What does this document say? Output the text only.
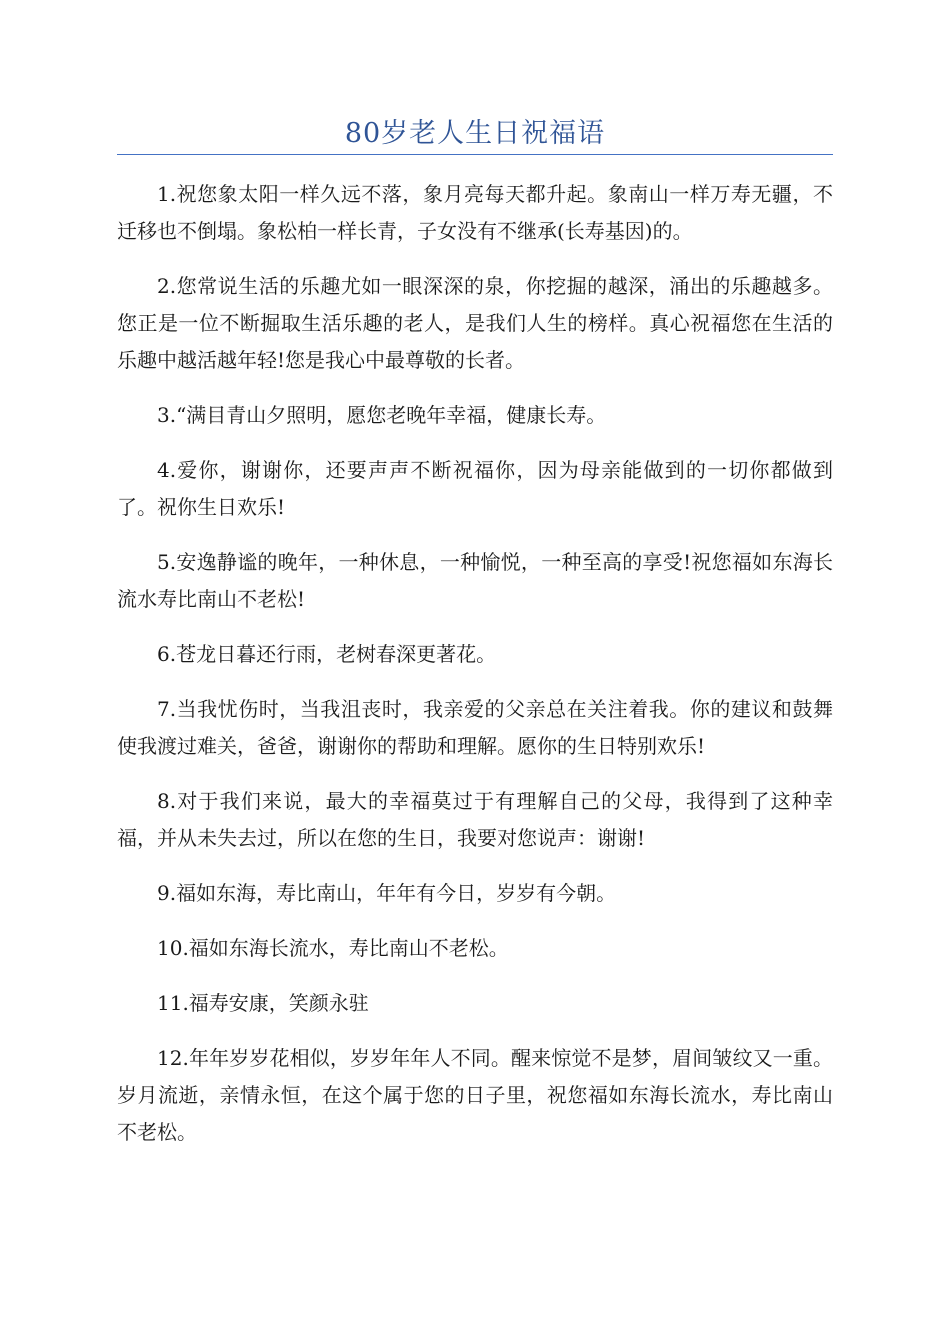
80岁老人生日祝福语

1.祝您象太阳一样久远不落，象月亮每天都升起。象南山一样万寿无疆，不迁移也不倒塌。象松柏一样长青，子女没有不继承(长寿基因)的。

2.您常说生活的乐趣尤如一眼深深的泉，你挖掘的越深，涌出的乐趣越多。您正是一位不断掘取生活乐趣的老人，是我们人生的榜样。真心祝福您在生活的乐趣中越活越年轻!您是我心中最尊敬的长者。

3.“满目青山夕照明，愿您老晚年幸福，健康长寿。

4.爱你，谢谢你，还要声声不断祝福你，因为母亲能做到的一切你都做到了。祝你生日欢乐!

5.安逸静谧的晚年，一种休息，一种愉悦，一种至高的享受!祝您福如东海长流水寿比南山不老松!

6.苍龙日暮还行雨，老树春深更著花。

7.当我忧伤时，当我沮丧时，我亲爱的父亲总在关注着我。你的建议和鼓舞使我渡过难关，爸爸，谢谢你的帮助和理解。愿你的生日特别欢乐!

8.对于我们来说，最大的幸福莫过于有理解自己的父母，我得到了这种幸福，并从未失去过，所以在您的生日，我要对您说声：谢谢!

9.福如东海，寿比南山，年年有今日，岁岁有今朝。

10.福如东海长流水，寿比南山不老松。

11.福寿安康，笑颜永驻

12.年年岁岁花相似，岁岁年年人不同。醒来惊觉不是梦，眉间皱纹又一重。岁月流逝，亲情永恒，在这个属于您的日子里，祝您福如东海长流水，寿比南山不老松。
